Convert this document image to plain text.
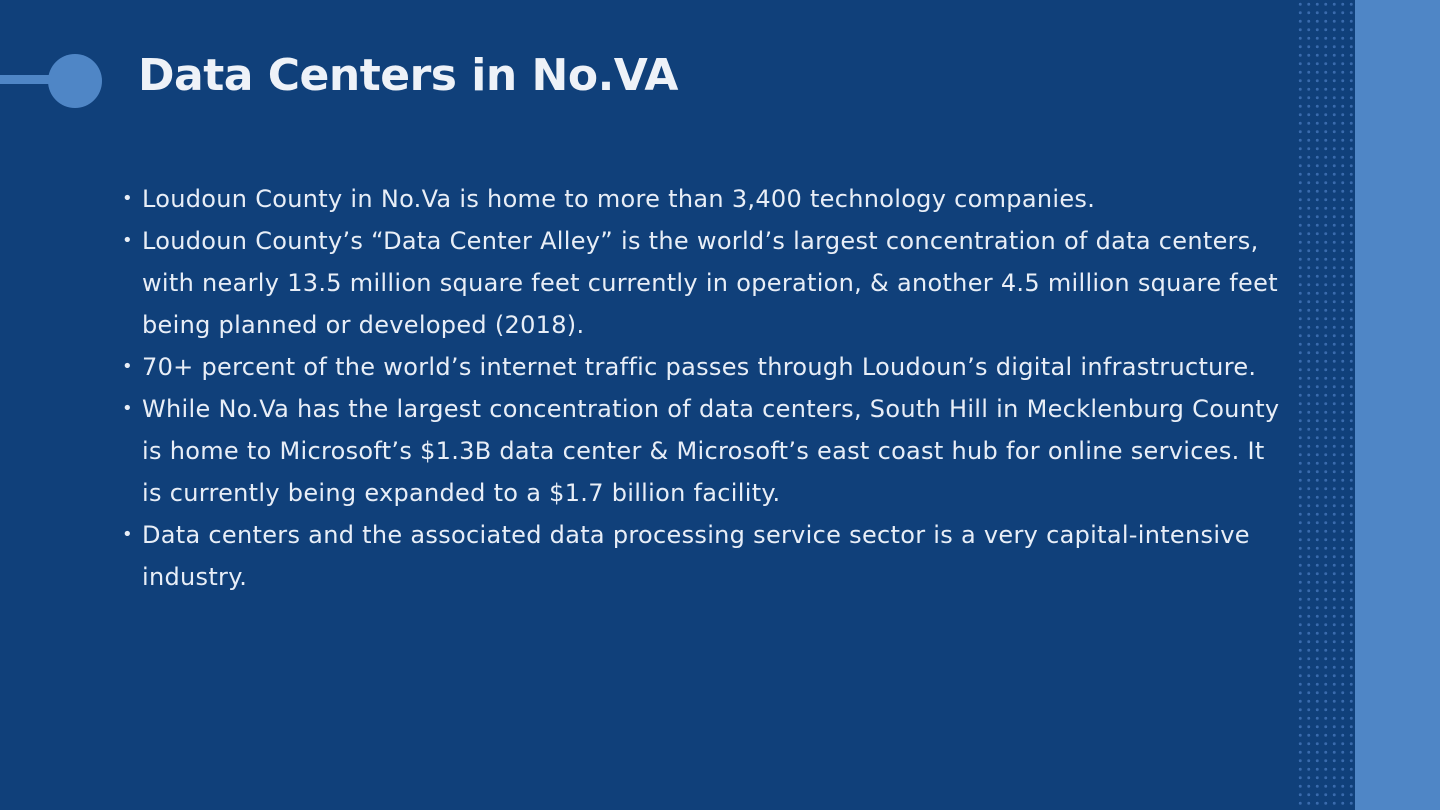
Data Centers in No.VA
• Loudoun County in No.Va is home to more than 3,400 technology companies.
• Loudoun County’s “Data Center Alley” is the world’s largest concentration of data centers, with nearly 13.5 million square feet currently in operation, & another 4.5 million square feet being planned or developed (2018).
• 70+ percent of the world’s internet traffic passes through Loudoun’s digital infrastructure.
• While No.Va has the largest concentration of data centers, South Hill in Mecklenburg County is home to Microsoft’s $1.3B data center & Microsoft’s east coast hub for online services. It is currently being expanded to a $1.7 billion facility.
• Data centers and the associated data processing service sector is a very capital-intensive industry.
